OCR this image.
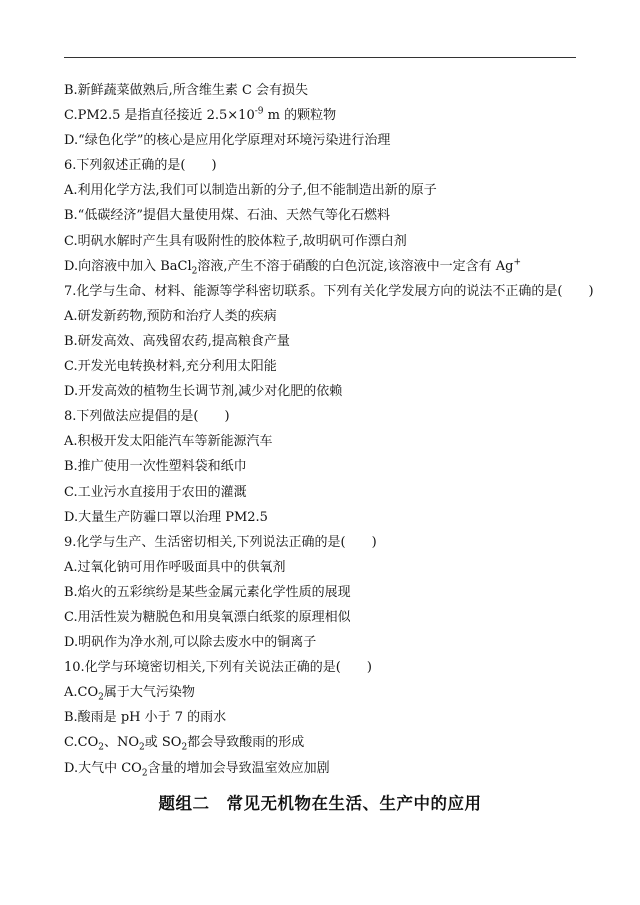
B.新鲜蔬菜做熟后,所含维生素 C 会有损失
C.PM2.5 是指直径接近 $2.5\times 10^{-9}$ m 的颗粒物
D.“绿色化学”的核心是应用化学原理对环境污染进行治理
6.下列叙述正确的是(　　)
A.利用化学方法,我们可以制造出新的分子,但不能制造出新的原子
B.“低碳经济”提倡大量使用煤、石油、天然气等化石燃料
C.明矾水解时产生具有吸附性的胶体粒子,故明矾可作漂白剂
D.向溶液中加入 BaCl$_2$溶液,产生不溶于硝酸的白色沉淀,该溶液中一定含有 Ag+
7.化学与生命、材料、能源等学科密切联系。下列有关化学发展方向的说法不正确的是(　　)
A.研发新药物,预防和治疗人类的疾病
B.研发高效、高残留农药,提高粮食产量
C.开发光电转换材料,充分利用太阳能
D.开发高效的植物生长调节剂,减少对化肥的依赖
8.下列做法应提倡的是(　　)
A.积极开发太阳能汽车等新能源汽车
B.推广使用一次性塑料袋和纸巾
C.工业污水直接用于农田的灌溉
D.大量生产防霾口罩以治理 PM2.5
9.化学与生产、生活密切相关,下列说法正确的是(　　)
A.过氧化钠可用作呼吸面具中的供氧剂
B.焰火的五彩缤纷是某些金属元素化学性质的展现
C.用活性炭为糖脱色和用臭氧漂白纸浆的原理相似
D.明矾作为净水剂,可以除去废水中的铜离子
10.化学与环境密切相关,下列有关说法正确的是(　　)
$A.CO_2$属于大气污染物
B.酸雨是 pH 小于 7 的雨水
$C.CO_2$、$NO_2$或 $SO_2$都会导致酸雨的形成
D.大气中 $CO_2$含量的增加会导致温室效应加剧
题组二　常见无机物在生活、生产中的应用
